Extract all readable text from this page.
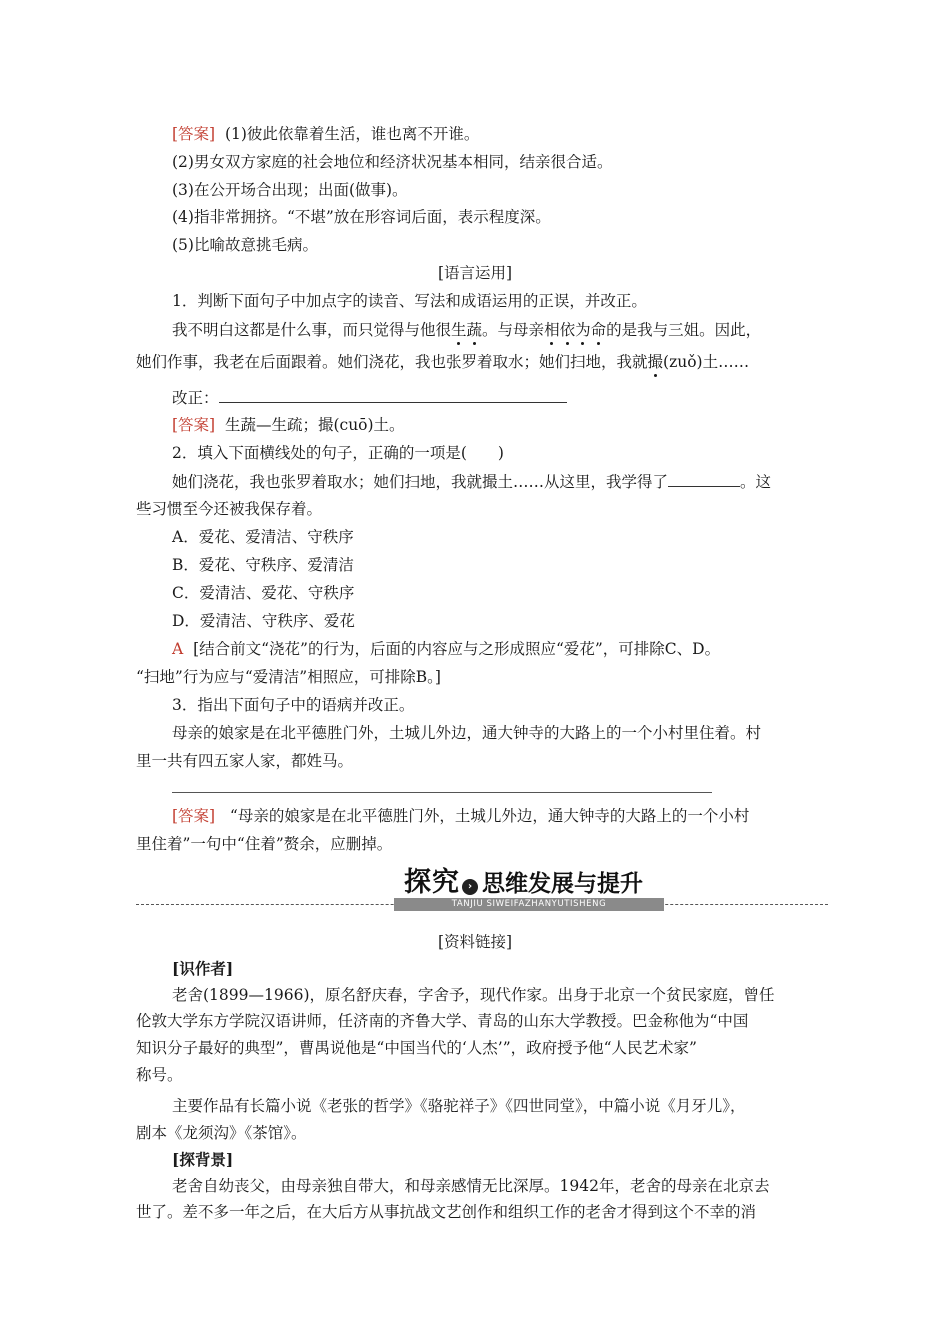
[答案] (1)彼此依靠着生活，谁也离不开谁。
(2)男女双方家庭的社会地位和经济状况基本相同，结亲很合适。
(3)在公开场合出现；出面(做事)。
(4)指非常拥挤。“不堪”放在形容词后面，表示程度深。
(5)比喻故意挑毛病。
[语言运用]
1．判断下面句子中加点字的读音、写法和成语运用的正误，并改正。
我不明白这都是什么事，而只觉得与他很生蔬。与母亲相依为命的是我与三姐。因此，
她们作事，我老在后面跟着。她们浇花，我也张罗着取水；她们扫地，我就撮(zuǒ)土……
改正：
[答案] 生蔬—生疏；撮(cuō)土。
2．填入下面横线处的句子，正确的一项是(　　)
她们浇花，我也张罗着取水；她们扫地，我就撮土……从这里，我学得了	。这
些习惯至今还被我保存着。
A．爱花、爱清洁、守秩序
B．爱花、守秩序、爱清洁
C．爱清洁、爱花、守秩序
D．爱清洁、守秩序、爱花
A [结合前文“浇花”的行为，后面的内容应与之形成照应“爱花”，可排除C、D。
“扫地”行为应与“爱清洁”相照应，可排除B。]
3．指出下面句子中的语病并改正。
母亲的娘家是在北平德胜门外，土城儿外边，通大钟寺的大路上的一个小村里住着。村
里一共有四五家人家，都姓马。
[答案] “母亲的娘家是在北平德胜门外，土城儿外边，通大钟寺的大路上的一个小村
里住着”一句中“住着”赘余，应删掉。
探究 › 思维发展与提升
TANJIU SIWEIFAZHANYUTISHENG
[资料链接]
[识作者]
老舍(1899—1966)，原名舒庆春，字舍予，现代作家。出身于北京一个贫民家庭，曾任
伦敦大学东方学院汉语讲师，任济南的齐鲁大学、青岛的山东大学教授。巴金称他为“中国
知识分子最好的典型”，曹禺说他是“中国当代的‘人杰’”，政府授予他“人民艺术家”
称号。
主要作品有长篇小说《老张的哲学》《骆驼祥子》《四世同堂》，中篇小说《月牙儿》，
剧本《龙须沟》《茶馆》。
[探背景]
老舍自幼丧父，由母亲独自带大，和母亲感情无比深厚。1942年，老舍的母亲在北京去
世了。差不多一年之后，在大后方从事抗战文艺创作和组织工作的老舍才得到这个不幸的消
